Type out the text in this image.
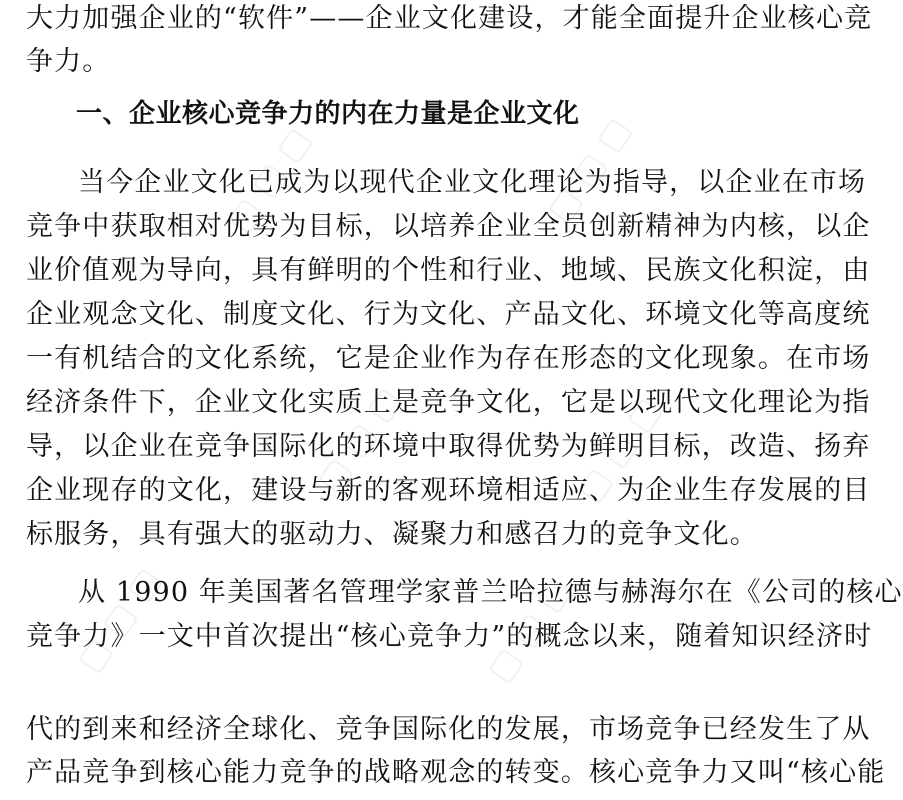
▢ ▢ ▢	▢ ▢ ▢
▢ ▢ ▢	▢ ▢ ▢
▢ ▢ ▢	▢ ▢ ▢
大力加强企业的“软件”——企业文化建设，才能全面提升企业核心竞
争力。
一、企业核心竞争力的内在力量是企业文化
当今企业文化已成为以现代企业文化理论为指导，以企业在市场
竞争中获取相对优势为目标，以培养企业全员创新精神为内核，以企
业价值观为导向，具有鲜明的个性和行业、地域、民族文化积淀，由
企业观念文化、制度文化、行为文化、产品文化、环境文化等高度统
一有机结合的文化系统，它是企业作为存在形态的文化现象。在市场
经济条件下，企业文化实质上是竞争文化，它是以现代文化理论为指
导，以企业在竞争国际化的环境中取得优势为鲜明目标，改造、扬弃
企业现存的文化，建设与新的客观环境相适应、为企业生存发展的目
标服务，具有强大的驱动力、凝聚力和感召力的竞争文化。
从 1990 年美国著名管理学家普兰哈拉德与赫海尔在《公司的核心
竞争力》一文中首次提出“核心竞争力”的概念以来，随着知识经济时
代的到来和经济全球化、竞争国际化的发展，市场竞争已经发生了从
产品竞争到核心能力竞争的战略观念的转变。核心竞争力又叫“核心能
